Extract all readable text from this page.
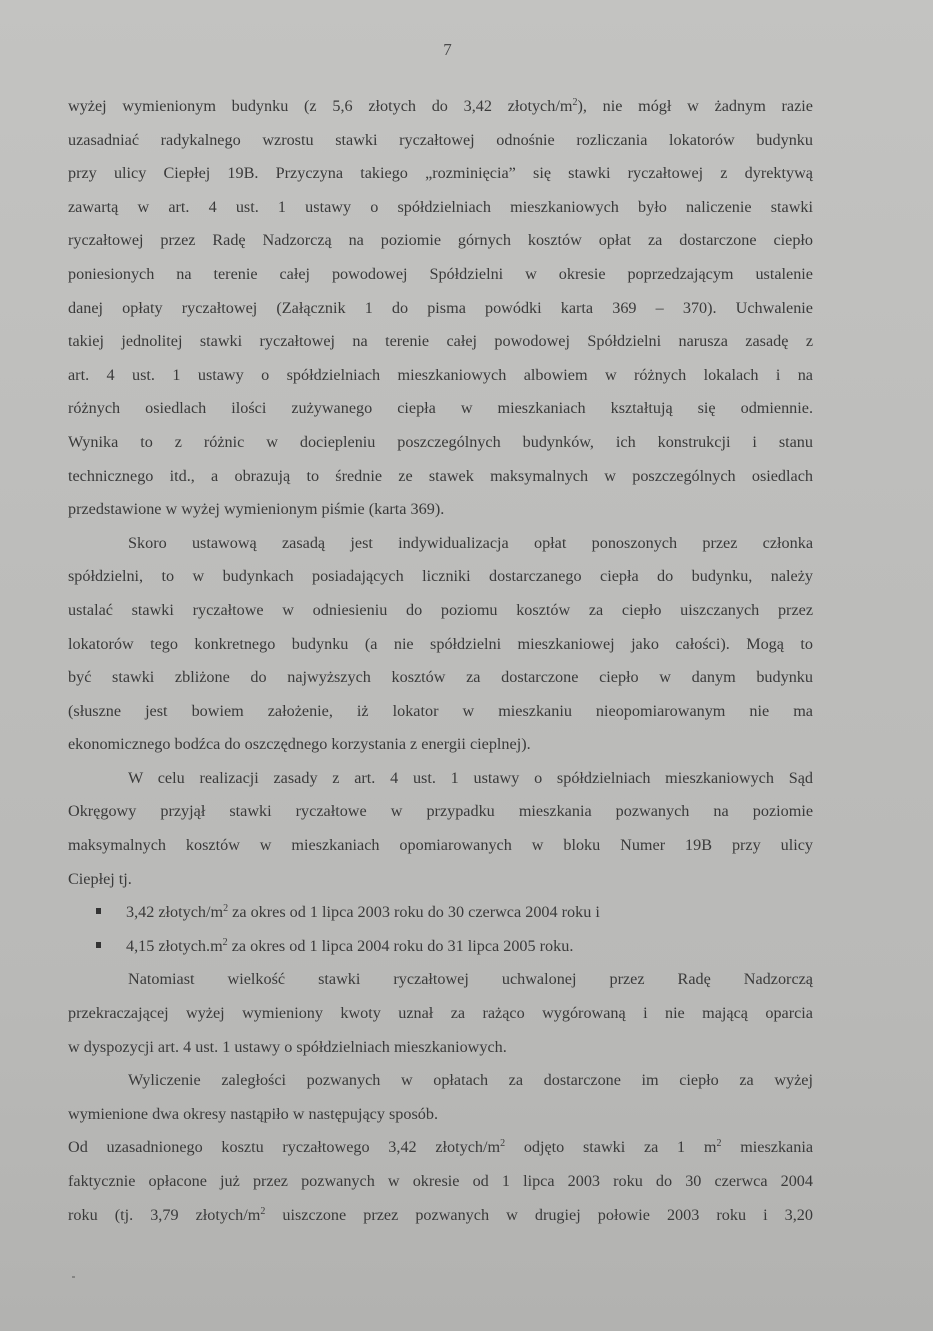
7
wyżej wymienionym budynku (z 5,6 złotych do 3,42 złotych/$m^2$), nie mógł w żadnym razie
uzasadniać radykalnego wzrostu stawki ryczałtowej odnośnie rozliczania lokatorów budynku
przy ulicy Ciepłej 19B. Przyczyna takiego „rozminięcia” się stawki ryczałtowej z dyrektywą
zawartą w art. 4 ust. 1 ustawy o spółdzielniach mieszkaniowych było naliczenie stawki
ryczałtowej przez Radę Nadzorczą na poziomie górnych kosztów opłat za dostarczone ciepło
poniesionych na terenie całej powodowej Spółdzielni w okresie poprzedzającym ustalenie
danej opłaty ryczałtowej (Załącznik 1 do pisma powódki karta 369 – 370). Uchwalenie
takiej jednolitej stawki ryczałtowej na terenie całej powodowej Spółdzielni narusza zasadę z
art. 4 ust. 1 ustawy o spółdzielniach mieszkaniowych albowiem w różnych lokalach i na
różnych osiedlach ilości zużywanego ciepła w mieszkaniach kształtują się odmiennie.
Wynika to z różnic w dociepleniu poszczególnych budynków, ich konstrukcji i stanu
technicznego itd., a obrazują to średnie ze stawek maksymalnych w poszczególnych osiedlach
przedstawione w wyżej wymienionym piśmie (karta 369).
Skoro ustawową zasadą jest indywidualizacja opłat ponoszonych przez członka
spółdzielni, to w budynkach posiadających liczniki dostarczanego ciepła do budynku, należy
ustalać stawki ryczałtowe w odniesieniu do poziomu kosztów za ciepło uiszczanych przez
lokatorów tego konkretnego budynku (a nie spółdzielni mieszkaniowej jako całości). Mogą to
być stawki zbliżone do najwyższych kosztów za dostarczone ciepło w danym budynku
(słuszne jest bowiem założenie, iż lokator w mieszkaniu nieopomiarowanym nie ma
ekonomicznego bodźca do oszczędnego korzystania z energii cieplnej).
W celu realizacji zasady z art. 4 ust. 1 ustawy o spółdzielniach mieszkaniowych Sąd
Okręgowy przyjął stawki ryczałtowe w przypadku mieszkania pozwanych na poziomie
maksymalnych kosztów w mieszkaniach opomiarowanych w bloku Numer 19B przy ulicy
Ciepłej tj.
3,42 złotych/$m^2$ za okres od 1 lipca 2003 roku do 30 czerwca 2004 roku i
4,15 $złotych.m^2$ za okres od 1 lipca 2004 roku do 31 lipca 2005 roku.
Natomiast wielkość stawki ryczałtowej uchwalonej przez Radę Nadzorczą
przekraczającej wyżej wymieniony kwoty uznał za rażąco wygórowaną i nie mającą oparcia
w dyspozycji art. 4 ust. 1 ustawy o spółdzielniach mieszkaniowych.
Wyliczenie zaległości pozwanych w opłatach za dostarczone im ciepło za wyżej
wymienione dwa okresy nastąpiło w następujący sposób.
Od uzasadnionego kosztu ryczałtowego 3,42 złotych/$m^2$ odjęto stawki za 1 $m^2$ mieszkania
faktycznie opłacone już przez pozwanych w okresie od 1 lipca 2003 roku do 30 czerwca 2004
roku (tj. 3,79 złotych/$m^2$ uiszczone przez pozwanych w drugiej połowie 2003 roku i 3,20
